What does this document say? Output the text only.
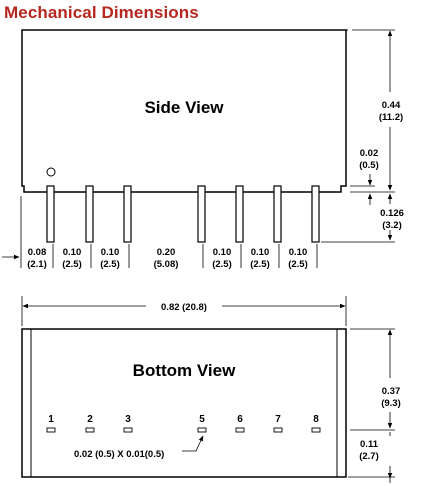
Mechanical Dimensions
Side View
0.08
(2.1)
0.10
(2.5)
0.10
(2.5)
0.20
(5.08)
0.10
(2.5)
0.10
(2.5)
0.10
(2.5)
0.44
(11.2)
0.02
(0.5)
0.126
(3.2)
0.82 (20.8)
Bottom View
1	2	3	5	6	7	8
0.02 (0.5) X 0.01(0.5)
0.37
(9.3)
0.11
(2.7)
